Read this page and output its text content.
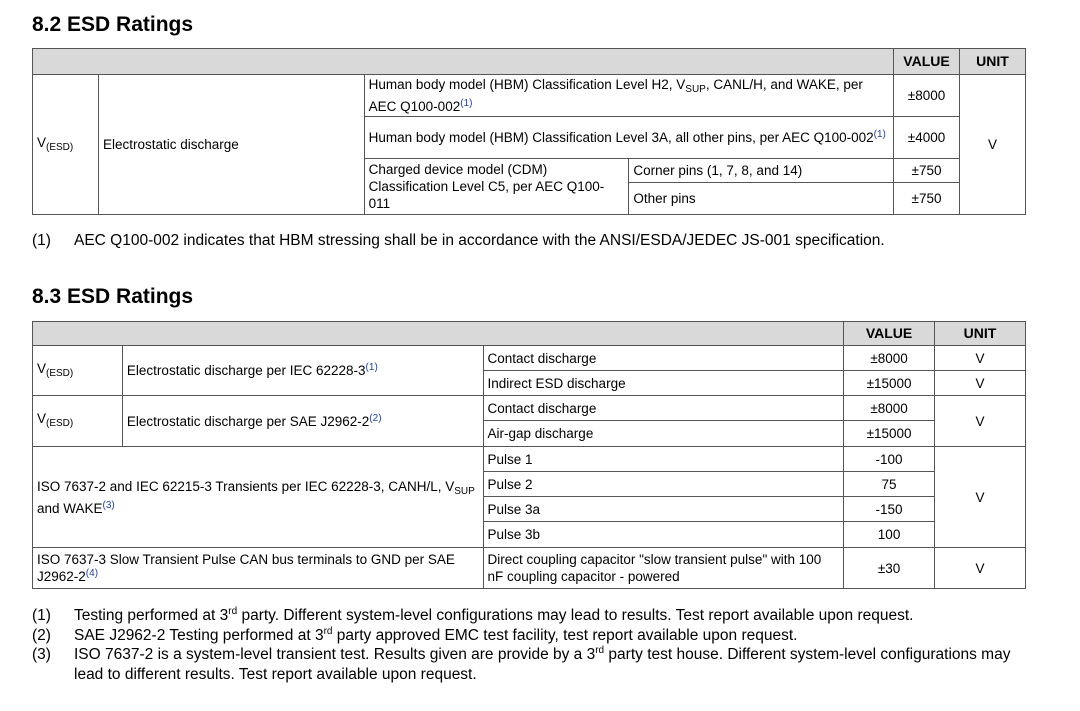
8.2 ESD Ratings
				VALUE	UNIT
$V_{(ESD)}$	Electrostatic discharge	Human body model (HBM) Classification Level H2, $V_{SUP}$, CANL/H, and WAKE, per AEC Q100-002$^{(1)}$		±8000	V
		Human body model (HBM) Classification Level 3A, all other pins, per AEC Q100-002$^{(1)}$		±4000	
		Charged device model (CDM) Classification Level C5, per AEC Q100-011	Corner pins (1, 7, 8, and 14)	±750	
			Other pins	±750	
(1)	AEC Q100-002 indicates that HBM stressing shall be in accordance with the ANSI/ESDA/JEDEC JS-001 specification.
8.3 ESD Ratings
			VALUE	UNIT
$V_{(ESD)}$	Electrostatic discharge per IEC 62228-3$^{(1)}$	Contact discharge	±8000	V
		Indirect ESD discharge	±15000	V
$V_{(ESD)}$	Electrostatic discharge per SAE J2962-2$^{(2)}$	Contact discharge	±8000	V
		Air-gap discharge	±15000	
ISO 7637-2 and IEC 62215-3 Transients per IEC 62228-3, CANH/L, $V_{SUP}$ and WAKE$^{(3)}$		Pulse 1	-100	V
		Pulse 2	75	
		Pulse 3a	-150	
		Pulse 3b	100	
ISO 7637-3 Slow Transient Pulse CAN bus terminals to GND per SAE J2962-2$^{(4)}$		Direct coupling capacitor "slow transient pulse" with 100 nF coupling capacitor - powered	±30	V
(1)	Testing performed at 3rd party. Different system-level configurations may lead to results. Test report available upon request.
(2)	SAE J2962-2 Testing performed at 3rd party approved EMC test facility, test report available upon request.
(3)	ISO 7637-2 is a system-level transient test. Results given are provide by a 3rd party test house. Different system-level configurations may lead to different results. Test report available upon request.
